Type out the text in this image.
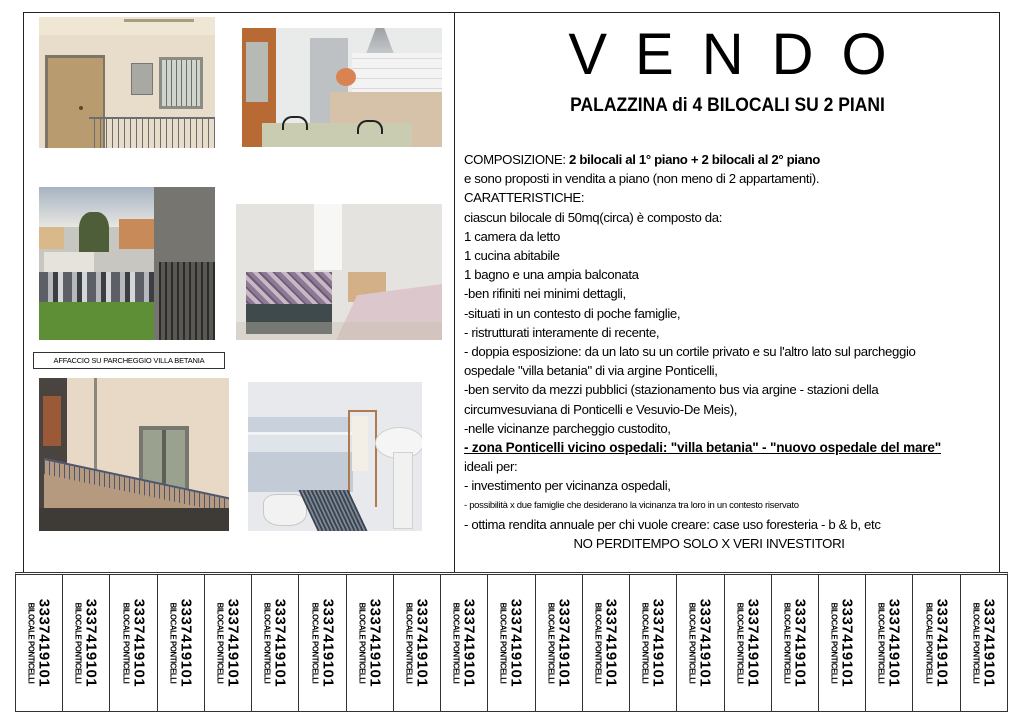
AFFACCIO SU PARCHEGGIO VILLA BETANIA
VENDO
PALAZZINA di 4 BILOCALI SU 2 PIANI
COMPOSIZIONE: 2 bilocali al 1° piano + 2 bilocali al 2° piano
e sono proposti in vendita a piano (non meno di 2 appartamenti).
CARATTERISTICHE:
ciascun bilocale di 50mq(circa) è composto da:
1 camera da letto
1 cucina abitabile
1 bagno e una ampia balconata
-ben rifiniti nei minimi dettagli,
-situati in un contesto di poche famiglie,
- ristrutturati interamente di recente,
- doppia esposizione: da un lato su un cortile privato e su l'altro lato sul parcheggio
ospedale "villa betania" di via argine Ponticelli,
-ben servito da mezzi pubblici (stazionamento bus via argine - stazioni della
circumvesuviana di Ponticelli e Vesuvio-De Meis),
-nelle vicinanze parcheggio custodito,
- zona Ponticelli vicino ospedali: "villa betania" - "nuovo ospedale del mare"
ideali per:
- investimento per vicinanza ospedali,
- possibilità x due famiglie che desiderano la vicinanza tra loro in un contesto riservato
- ottima rendita annuale per chi vuole creare: case uso foresteria - b & b, etc
NO PERDITEMPO SOLO X VERI INVESTITORI
BILOCALE PONTICELLI 3337419101	BILOCALE PONTICELLI 3337419101	BILOCALE PONTICELLI 3337419101	BILOCALE PONTICELLI 3337419101	BILOCALE PONTICELLI 3337419101	BILOCALE PONTICELLI 3337419101	BILOCALE PONTICELLI 3337419101	BILOCALE PONTICELLI 3337419101	BILOCALE PONTICELLI 3337419101	BILOCALE PONTICELLI 3337419101	BILOCALE PONTICELLI 3337419101	BILOCALE PONTICELLI 3337419101	BILOCALE PONTICELLI 3337419101	BILOCALE PONTICELLI 3337419101	BILOCALE PONTICELLI 3337419101	BILOCALE PONTICELLI 3337419101	BILOCALE PONTICELLI 3337419101	BILOCALE PONTICELLI 3337419101	BILOCALE PONTICELLI 3337419101	BILOCALE PONTICELLI 3337419101	BILOCALE PONTICELLI 3337419101
